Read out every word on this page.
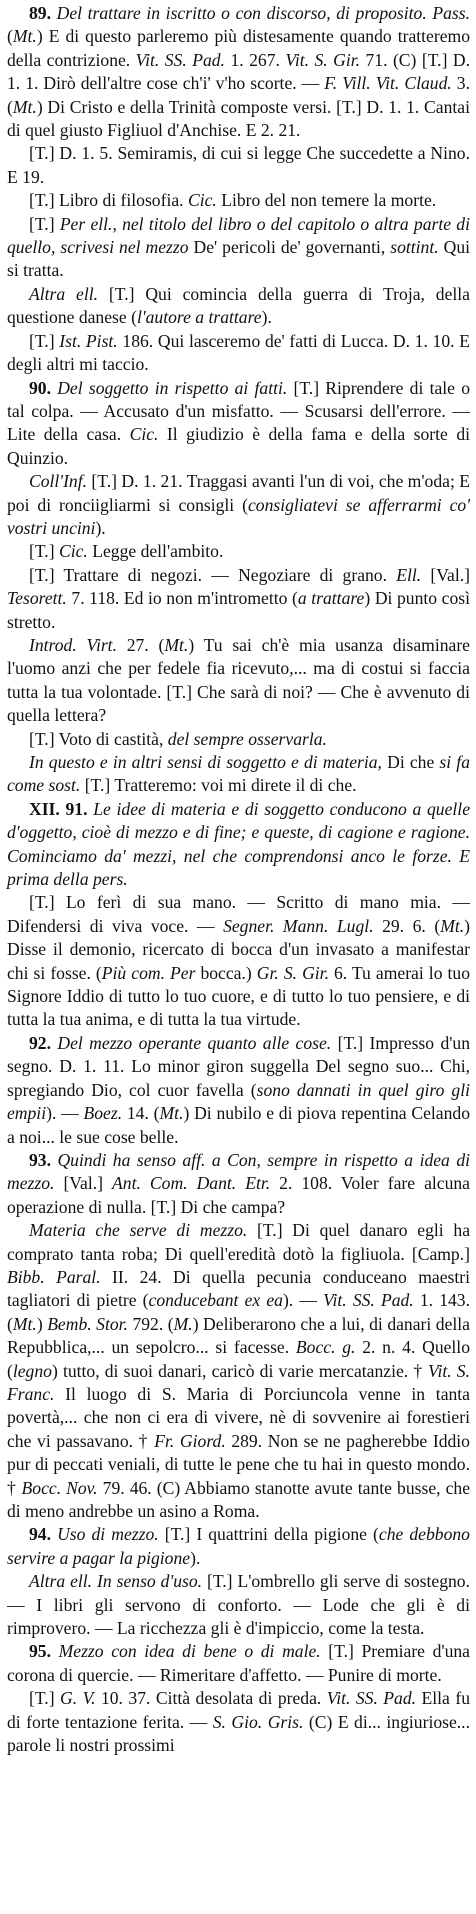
89. Del trattare in iscritto o con discorso, di proposito. Pass. (Mt.) E di questo parleremo più distesamente quando tratteremo della contrizione. Vit. SS. Pad. 1. 267. Vit. S. Gir. 71. (C) [T.] D. 1. 1. Dirò dell'altre cose ch'i' v'ho scorte. — F. Vill. Vit. Claud. 3. (Mt.) Di Cristo e della Trinità composte versi. [T.] D. 1. 1. Cantai di quel giusto Figliuol d'Anchise. E 2. 21.

[T.] D. 1. 5. Semiramis, di cui si legge Che succedette a Nino. E 19.

[T.] Libro di filosofia. Cic. Libro del non temere la morte.

[T.] Per ell., nel titolo del libro o del capitolo o altra parte di quello, scrivesi nel mezzo De' pericoli de' governanti, sottint. Qui si tratta.

Altra ell. [T.] Qui comincia della guerra di Troja, della questione danese (l'autore a trattare).

[T.] Ist. Pist. 186. Qui lasceremo de' fatti di Lucca. D. 1. 10. E degli altri mi taccio.

90. Del soggetto in rispetto ai fatti. [T.] Riprendere di tale o tal colpa. — Accusato d'un misfatto. — Scusarsi dell'errore. — Lite della casa. Cic. Il giudizio è della fama e della sorte di Quinzio.

Coll'Inf. [T.] D. 1. 21. Traggasi avanti l'un di voi, che m'oda; E poi di ronciigliarmi si consigli (consigliatevi se afferrarmi co' vostri uncini).

[T.] Cic. Legge dell'ambito.

[T.] Trattare di negozi. — Negoziare di grano. Ell. [Val.] Tesorett. 7. 118. Ed io non m'intrometto (a trattare) Di punto così stretto.

Introd. Virt. 27. (Mt.) Tu sai ch'è mia usanza disaminare l'uomo anzi che per fedele fia ricevuto,... ma di costui si faccia tutta la tua volontade. [T.] Che sarà di noi? — Che è avvenuto di quella lettera?

[T.] Voto di castità, del sempre osservarla.

In questo e in altri sensi di soggetto e di materia, Di che si fa come sost. [T.] Tratteremo: voi mi direte il di che.

XII. 91. Le idee di materia e di soggetto conducono a quelle d'oggetto, cioè di mezzo e di fine; e queste, di cagione e ragione. Cominciamo da' mezzi, nel che comprendonsi anco le forze. E prima della pers.

[T.] Lo ferì di sua mano. — Scritto di mano mia. — Difendersi di viva voce. — Segner. Mann. Lugl. 29. 6. (Mt.) Disse il demonio, ricercato di bocca d'un invasato a manifestar chi si fosse. (Più com. Per bocca.) Gr. S. Gir. 6. Tu amerai lo tuo Signore Iddio di tutto lo tuo cuore, e di tutto lo tuo pensiere, e di tutta la tua anima, e di tutta la tua virtude.

92. Del mezzo operante quanto alle cose. [T.] Impresso d'un segno. D. 1. 11. Lo minor giron suggella Del segno suo... Chi, spregiando Dio, col cuor favella (sono dannati in quel giro gli empii). — Boez. 14. (Mt.) Di nubilo e di piova repentina Celando a noi... le sue cose belle.

93. Quindi ha senso aff. a Con, sempre in rispetto a idea di mezzo. [Val.] Ant. Com. Dant. Etr. 2. 108. Voler fare alcuna operazione di nulla. [T.] Di che campa?

Materia che serve di mezzo. [T.] Di quel danaro egli ha comprato tanta roba; Di quell'eredità dotò la figliuola. [Camp.] Bibb. Paral. II. 24. Di quella pecunia conduceano maestri tagliatori di pietre (conducebant ex ea). — Vit. SS. Pad. 1. 143. (Mt.) Bemb. Stor. 792. (M.) Deliberarono che a lui, di danari della Repubblica,... un sepolcro... si facesse. Bocc. g. 2. n. 4. Quello (legno) tutto, di suoi danari, caricò di varie mercatanzie. † Vit. S. Franc. Il luogo di S. Maria di Porciuncola venne in tanta povertà,... che non ci era di vivere, nè di sovvenire ai forestieri che vi passavano. † Fr. Giord. 289. Non se ne pagherebbe Iddio pur di peccati veniali, di tutte le pene che tu hai in questo mondo. † Bocc. Nov. 79. 46. (C) Abbiamo stanotte avute tante busse, che di meno andrebbe un asino a Roma.

94. Uso di mezzo. [T.] I quattrini della pigione (che debbono servire a pagar la pigione).

Altra ell. In senso d'uso. [T.] L'ombrello gli serve di sostegno. — I libri gli servono di conforto. — Lode che gli è di rimprovero. — La ricchezza gli è d'impiccio, come la testa.

95. Mezzo con idea di bene o di male. [T.] Premiare d'una corona di quercie. — Rimeritare d'affetto. — Punire di morte.

[T.] G. V. 10. 37. Città desolata di preda. Vit. SS. Pad. Ella fu di forte tentazione ferita. — S. Gio. Gris. (C) E di... ingiuriose... parole li nostri prossimi
